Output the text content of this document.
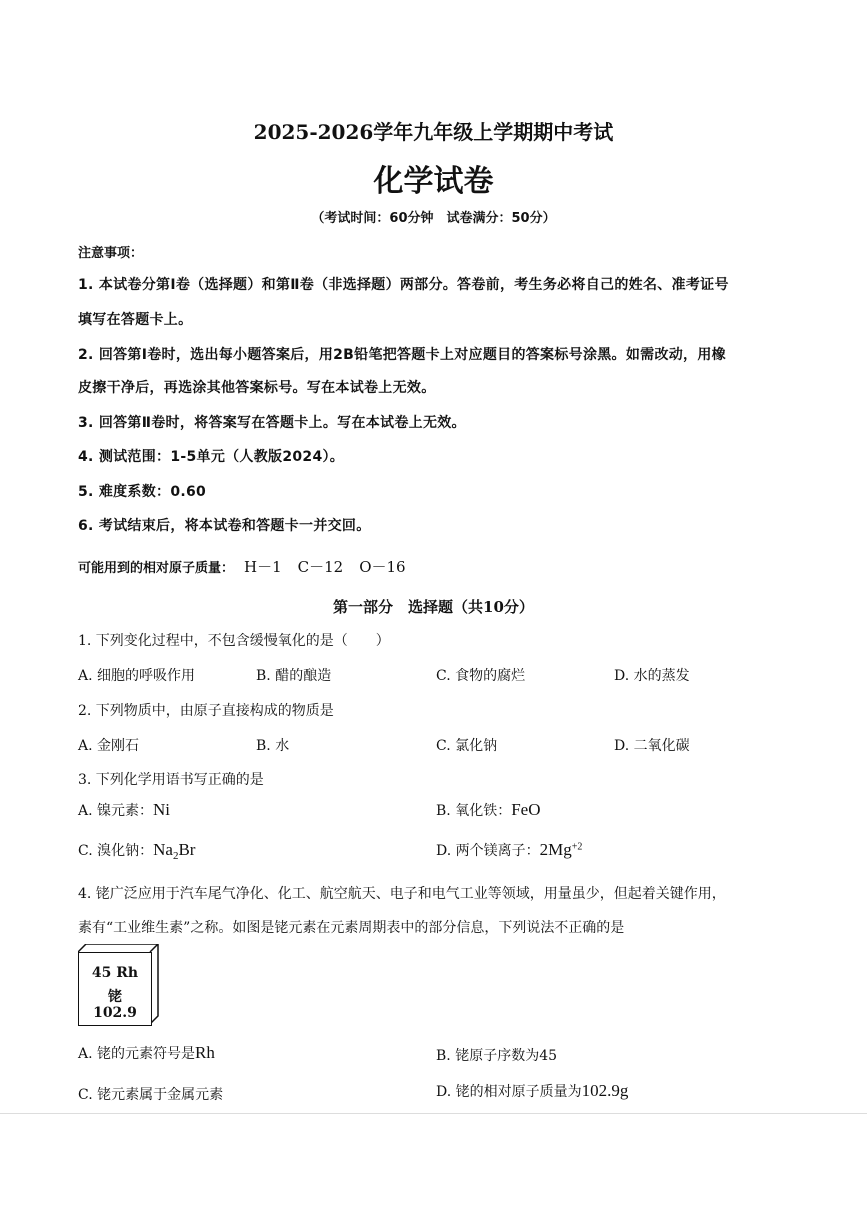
2025-2026学年九年级上学期期中考试
化学试卷
（考试时间：60分钟　试卷满分：50分）
注意事项：
1. 本试卷分第Ⅰ卷（选择题）和第Ⅱ卷（非选择题）两部分。答卷前，考生务必将自己的姓名、准考证号
填写在答题卡上。
2. 回答第Ⅰ卷时，选出每小题答案后，用2B铅笔把答题卡上对应题目的答案标号涂黑。如需改动，用橡
皮擦干净后，再选涂其他答案标号。写在本试卷上无效。
3. 回答第Ⅱ卷时，将答案写在答题卡上。写在本试卷上无效。
4. 测试范围：1-5单元（人教版2024）。
5. 难度系数：0.60
6. 考试结束后，将本试卷和答题卡一并交回。
可能用到的相对原子质量： H－1 C－12 O－16
第一部分　选择题（共10分）
1. 下列变化过程中，不包含缓慢氧化的是（　　）
A. 细胞的呼吸作用	B. 醋的酿造	C. 食物的腐烂	D. 水的蒸发
2. 下列物质中，由原子直接构成的物质是
A. 金刚石	B. 水	C. 氯化钠	D. 二氧化碳
3. 下列化学用语书写正确的是
A. 镍元素：Ni	B. 氧化铁：FeO
C. 溴化钠：$Na_2Br$	D. 两个镁离子：$2Mg^{+2}$
4. 铑广泛应用于汽车尾气净化、化工、航空航天、电子和电气工业等领域，用量虽少，但起着关键作用，
素有“工业维生素”之称。如图是铑元素在元素周期表中的部分信息，下列说法不正确的是
45 Rh
铑
102.9
A. 铑的元素符号是Rh	B. 铑原子序数为45
C. 铑元素属于金属元素	D. 铑的相对原子质量为102.9g
